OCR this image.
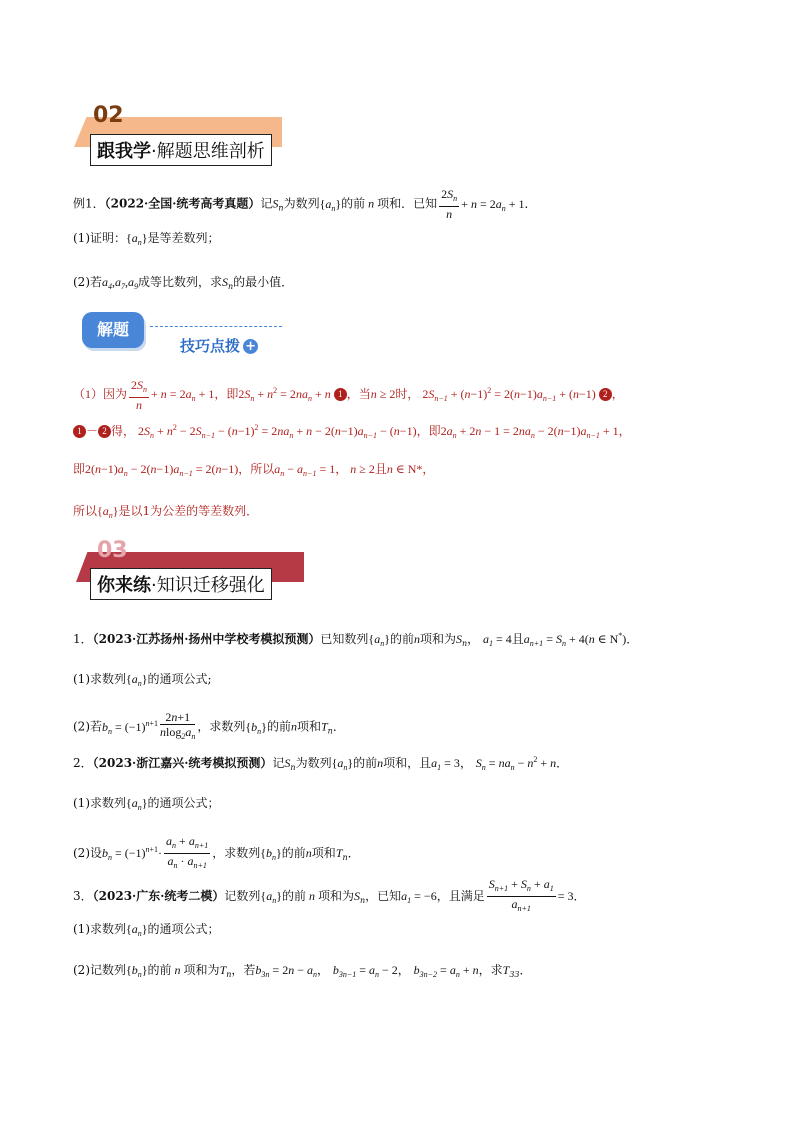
02
跟我学·解题思维剖析
例1．（2022·全国·统考高考真题）记$S_n$为数列$\{a_n\}$的前 n 项和．已知 $\frac{2S_n}{n} + n = 2a_n + 1$．
(1)证明：$\{a_n\}$是等差数列；
(2)若$a_4,a_7,a_9$成等比数列，求$S_n$的最小值．
解题
技巧点拨 +
（1）因为 $\frac{2S_n}{n} + n = 2a_n + 1$，即$2S_n + n^2 = 2na_n + n$ 1 ，当n ≥ 2时， $2S_{n-1} + (n-1)^2 = 2(n-1)a_{n-1} + (n-1)$ 2 ，
1 － 2 得， $2S_n + n^2 - 2S_{n-1} - (n-1)^2 = 2na_n + n - 2(n-1)a_{n-1} - (n-1)$，即$2a_n + 2n - 1 = 2na_n - 2(n-1)a_{n-1} + 1$，
即$2(n-1)a_n - 2(n-1)a_{n-1} = 2(n-1)$，所以$a_n - a_{n-1} = 1$， n ≥ 2且n ∈ N*，
所以$\{a_n\}$是以1为公差的等差数列．
03
你来练·知识迁移强化
1．（2023·江苏扬州·扬州中学校考模拟预测）已知数列$\{a_n\}$的前n项和为$S_n$， $a_1 = 4$且$a_{n+1} = S_n + 4(n$ ∈ N*)．
(1)求数列$\{a_n\}$的通项公式;
(2)若$b_n = (-1)^{n+1} \frac{2n+1}{nlog_2a_n}$ ，求数列$\{b_n\}$的前n项和$T_n$．
2．（2023·浙江嘉兴·统考模拟预测）记$S_n$为数列$\{a_n\}$的前n项和，且$a_1 = 3$， $S_n = na_n - n^2 + n$．
(1)求数列$\{a_n\}$的通项公式；
(2)设$b_n = (-1)^{n+1}\cdot \frac{a_n + a_{n+1}}{a_n \cdot a_{n+1}}$ ，求数列$\{b_n\}$的前n项和$T_n$．
3．（2023·广东·统考二模）记数列$\{a_n\}$的前 n 项和为$S_n$，已知$a_1 = -6$，且满足 $\frac{S_{n+1} + S_n + a_1}{a_{n+1}} = 3$．
(1)求数列$\{a_n\}$的通项公式；
(2)记数列$\{b_n\}$的前 n 项和为$T_n$，若$b_{3n} = 2n - a_n$， $b_{3n-1} = a_n - 2$， $b_{3n-2} = a_n + n$，求$T_{33}$．
